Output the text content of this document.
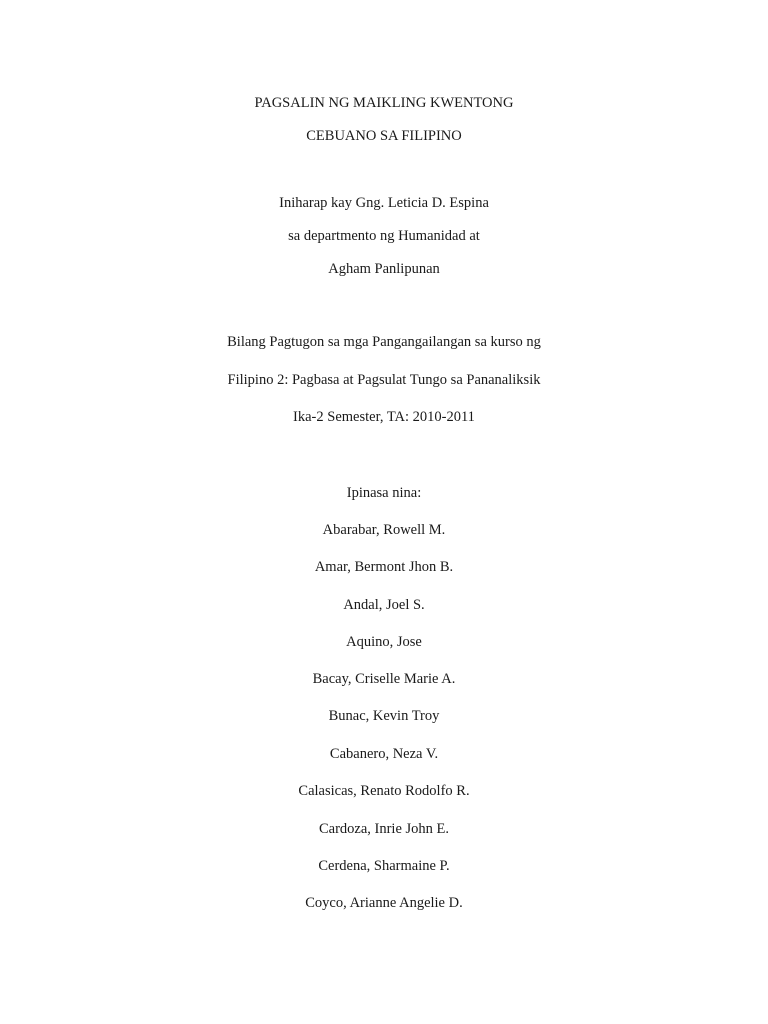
PAGSALIN NG MAIKLING KWENTONG
CEBUANO SA FILIPINO
Iniharap kay Gng. Leticia D. Espina
sa departmento ng Humanidad at
Agham Panlipunan
Bilang Pagtugon sa mga Pangangailangan sa kurso ng
Filipino 2: Pagbasa at Pagsulat Tungo sa Pananaliksik
Ika-2 Semester, TA: 2010-2011
Ipinasa nina:
Abarabar, Rowell M.
Amar, Bermont Jhon B.
Andal, Joel S.
Aquino, Jose
Bacay, Criselle Marie A.
Bunac, Kevin Troy
Cabanero, Neza V.
Calasicas, Renato Rodolfo R.
Cardoza, Inrie John E.
Cerdena, Sharmaine P.
Coyco, Arianne Angelie D.
